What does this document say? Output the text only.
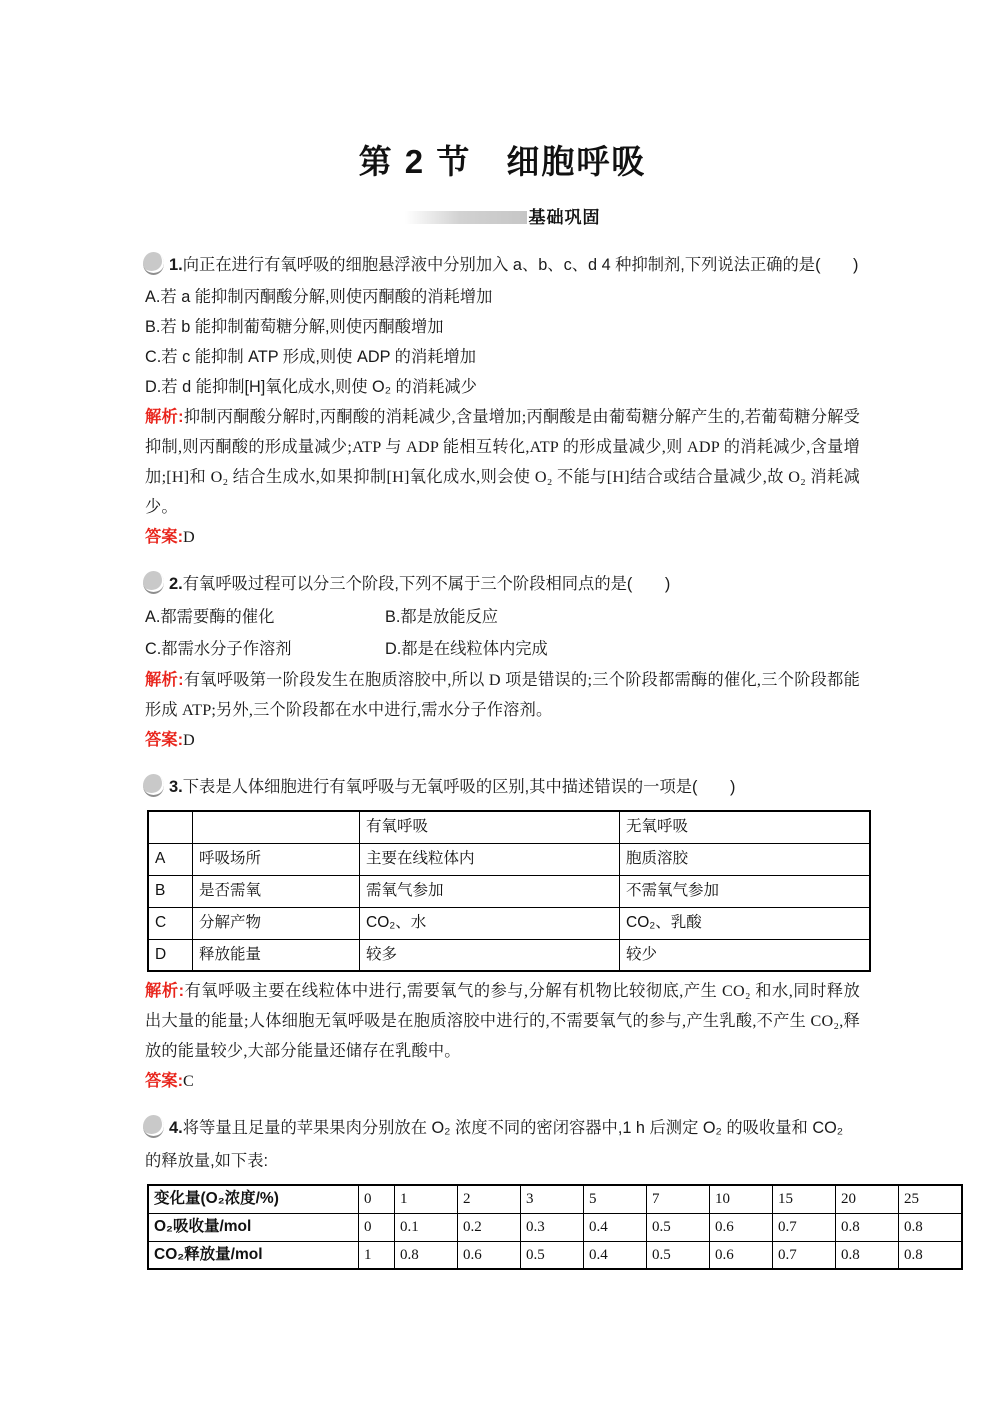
第 2 节　细胞呼吸
基础巩固

1.向正在进行有氧呼吸的细胞悬浮液中分别加入 a、b、c、d 4 种抑制剂,下列说法正确的是(　　)

A.若 a 能抑制丙酮酸分解,则使丙酮酸的消耗增加

B.若 b 能抑制葡萄糖分解,则使丙酮酸增加

C.若 c 能抑制 ATP 形成,则使 ADP 的消耗增加

D.若 d 能抑制[H]氧化成水,则使 O₂ 的消耗减少

解析:抑制丙酮酸分解时,丙酮酸的消耗减少,含量增加;丙酮酸是由葡萄糖分解产生的,若葡萄糖分解受抑制,则丙酮酸的形成量减少;ATP 与 ADP 能相互转化,ATP 的形成量减少,则 ADP 的消耗减少,含量增加;[H]和 O₂ 结合生成水,如果抑制[H]氧化成水,则会使 O₂ 不能与[H]结合或结合量减少,故 O₂ 消耗减少。

答案:D

2.有氧呼吸过程可以分三个阶段,下列不属于三个阶段相同点的是(　　)

A.都需要酶的催化	B.都是放能反应
C.都需水分子作溶剂	D.都是在线粒体内完成

解析:有氧呼吸第一阶段发生在胞质溶胶中,所以 D 项是错误的;三个阶段都需酶的催化,三个阶段都能形成 ATP;另外,三个阶段都在水中进行,需水分子作溶剂。

答案:D

3.下表是人体细胞进行有氧呼吸与无氧呼吸的区别,其中描述错误的一项是(　　)

		有氧呼吸	无氧呼吸
A	呼吸场所	主要在线粒体内	胞质溶胶
B	是否需氧	需氧气参加	不需氧气参加
C	分解产物	CO₂、水	CO₂、乳酸
D	释放能量	较多	较少

解析:有氧呼吸主要在线粒体中进行,需要氧气的参与,分解有机物比较彻底,产生 CO₂ 和水,同时释放出大量的能量;人体细胞无氧呼吸是在胞质溶胶中进行的,不需要氧气的参与,产生乳酸,不产生 CO₂,释放的能量较少,大部分能量还储存在乳酸中。

答案:C

4.将等量且足量的苹果果肉分别放在 O₂ 浓度不同的密闭容器中,1 h 后测定 O₂ 的吸收量和 CO₂ 的释放量,如下表:

变化量(O₂浓度/%)	0	1	2	3	5	7	10	15	20	25
O₂吸收量/mol	0	0.1	0.2	0.3	0.4	0.5	0.6	0.7	0.8	0.8
CO₂释放量/mol	1	0.8	0.6	0.5	0.4	0.5	0.6	0.7	0.8	0.8
